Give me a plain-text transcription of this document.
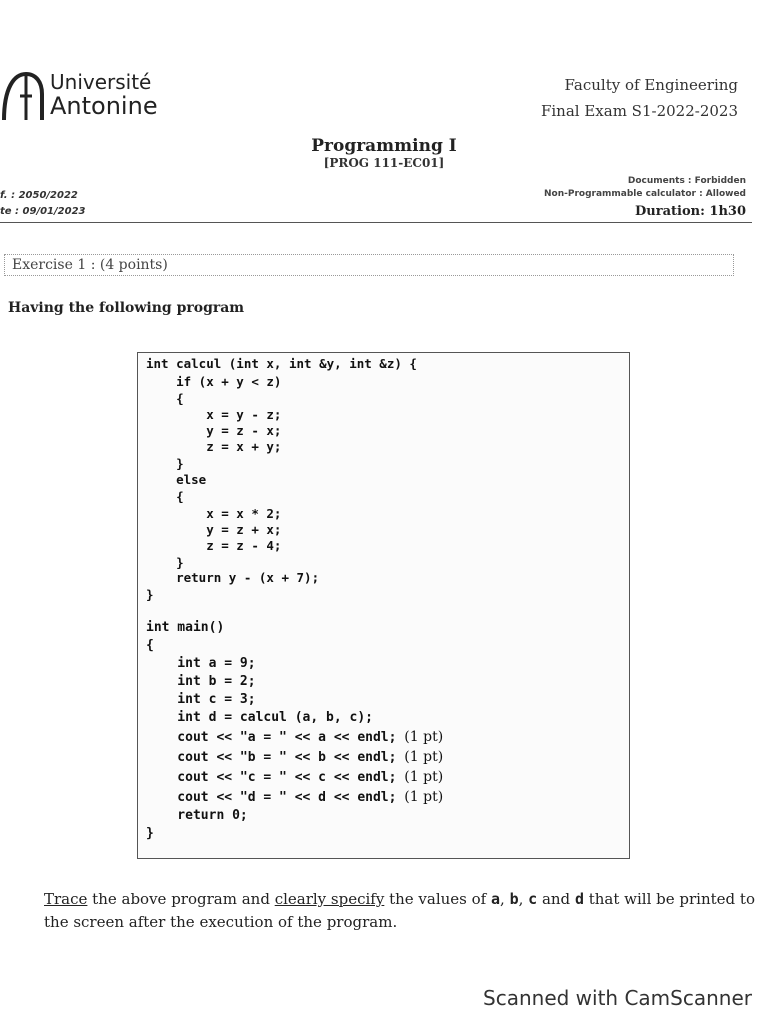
Université
Antonine
Faculty of Engineering
Final Exam S1-2022-2023
Programming I
[PROG 111-EC01]
f. : 2050/2022
te : 09/01/2023
Documents : Forbidden
Non-Programmable calculator : Allowed
Duration: 1h30
Exercise 1 : (4 points)
Having the following program
int calcul (int x, int &y, int &z) {
if (x + y < z)
{
x = y - z;
y = z - x;
z = x + y;
}
else
{
x = x * 2;
y = z + x;
z = z - 4;
}
return y - (x + 7);
}
int main()
{
int a = 9;
int b = 2;
int c = 3;
int d = calcul (a, b, c);
cout << "a = " << a << endl; (1 pt)
cout << "b = " << b << endl; (1 pt)
cout << "c = " << c << endl; (1 pt)
cout << "d = " << d << endl; (1 pt)
return 0;
}
Trace the above program and clearly specify the values of a, b, c and d that will be printed to the screen after the execution of the program.
Scanned with CamScanner
